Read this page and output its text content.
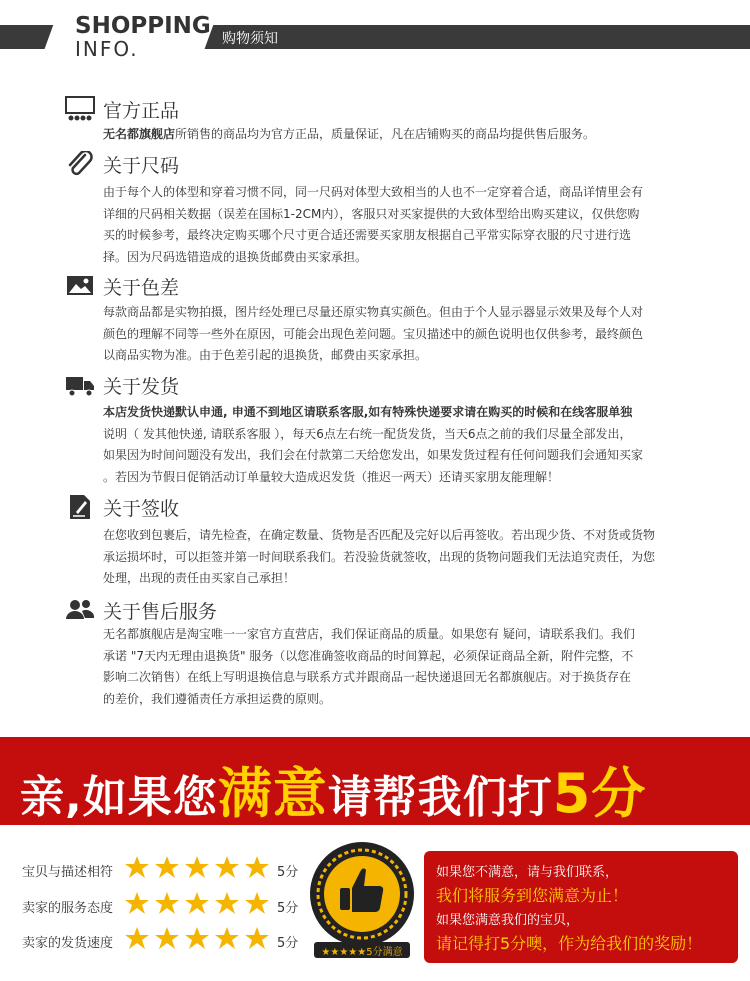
SHOPPING
INFO.	购物须知
官方正品
无名都旗舰店所销售的商品均为官方正品，质量保证，凡在店铺购买的商品均提供售后服务。
关于尺码
由于每个人的体型和穿着习惯不同，同一尺码对体型大致相当的人也不一定穿着合适，商品详情里会有
详细的尺码相关数据（误差在国标1-2CM内），客服只对买家提供的大致体型给出购买建议，仅供您购
买的时候参考，最终决定购买哪个尺寸更合适还需要买家朋友根据自己平常实际穿衣服的尺寸进行选
择。因为尺码选错造成的退换货邮费由买家承担。
关于色差
每款商品都是实物拍摄，图片经处理已尽量还原实物真实颜色。但由于个人显示器显示效果及每个人对
颜色的理解不同等一些外在原因，可能会出现色差问题。宝贝描述中的颜色说明也仅供参考，最终颜色
以商品实物为准。由于色差引起的退换货，邮费由买家承担。
关于发货
本店发货快递默认申通, 申通不到地区请联系客服,如有特殊快递要求请在购买的时候和在线客服单独
说明（ 发其他快递, 请联系客服 ），每天6点左右统一配货发货，当天6点之前的我们尽量全部发出，
如果因为时间问题没有发出，我们会在付款第二天给您发出，如果发货过程有任何问题我们会通知买家
。若因为节假日促销活动订单量较大造成迟发货（推迟一两天）还请买家朋友能理解！
关于签收
在您收到包裹后，请先检查，在确定数量、货物是否匹配及完好以后再签收。若出现少货、不对货或货物
承运损坏时，可以拒签并第一时间联系我们。若没验货就签收，出现的货物问题我们无法追究责任，为您
处理，出现的责任由买家自己承担！
关于售后服务
无名都旗舰店是淘宝唯一一家官方直营店，我们保证商品的质量。如果您有 疑问，请联系我们。我们
承诺 "7天内无理由退换货" 服务（以您准确签收商品的时间算起，必须保证商品全新，附件完整，不
影响二次销售）在纸上写明退换信息与联系方式并跟商品一起快递退回无名都旗舰店。对于换货存在
的差价，我们遵循责任方承担运费的原则。
亲,如果您满意请帮我们打5分
宝贝与描述相符	5分
卖家的服务态度	5分
卖家的发货速度	5分
★★★★★5分满意
如果您不满意，请与我们联系，
我们将服务到您满意为止！
如果您满意我们的宝贝，
请记得打5分噢，作为给我们的奖励！
